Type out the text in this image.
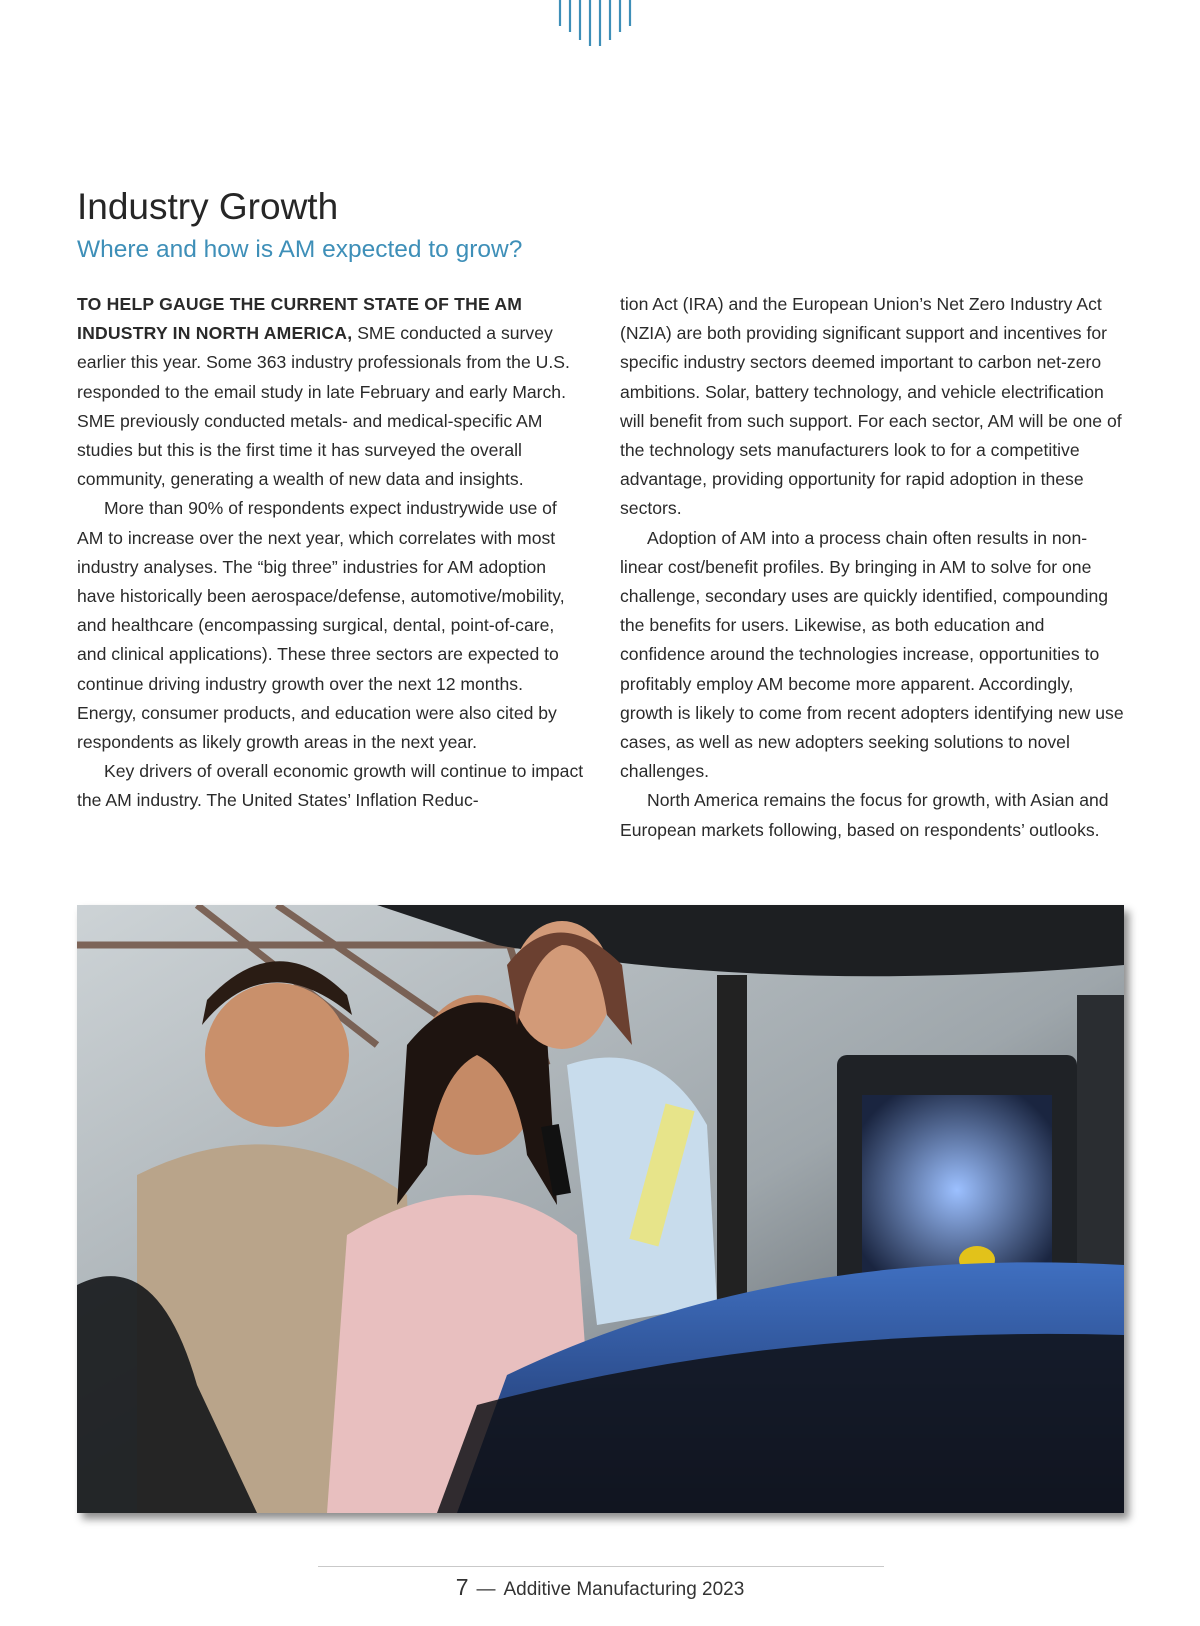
Industry Growth
Where and how is AM expected to grow?

TO HELP GAUGE THE CURRENT STATE OF THE AM INDUSTRY IN NORTH AMERICA, SME conducted a survey earlier this year. Some 363 industry professionals from the U.S. responded to the email study in late February and early March. SME previously conducted metals- and medical-specific AM studies but this is the first time it has surveyed the overall community, generating a wealth of new data and insights.

More than 90% of respondents expect industrywide use of AM to increase over the next year, which correlates with most industry analyses. The “big three” industries for AM adoption have historically been aerospace/defense, automotive/mobility, and healthcare (encompassing surgical, dental, point-of-care, and clinical applications). These three sectors are expected to continue driving industry growth over the next 12 months. Energy, consumer products, and education were also cited by respondents as likely growth areas in the next year.

Key drivers of overall economic growth will continue to impact the AM industry. The United States’ Inflation Reduc-

tion Act (IRA) and the European Union’s Net Zero Industry Act (NZIA) are both providing significant support and incentives for specific industry sectors deemed important to carbon net-zero ambitions. Solar, battery technology, and vehicle electrification will benefit from such support. For each sector, AM will be one of the technology sets manufacturers look to for a competitive advantage, providing opportunity for rapid adoption in these sectors.

Adoption of AM into a process chain often results in non-linear cost/benefit profiles. By bringing in AM to solve for one challenge, secondary uses are quickly identified, compounding the benefits for users. Likewise, as both education and confidence around the technologies increase, opportunities to profitably employ AM become more apparent. Accordingly, growth is likely to come from recent adopters identifying new use cases, as well as new adopters seeking solutions to novel challenges.

North America remains the focus for growth, with Asian and European markets following, based on respondents’ outlooks.

7 — Additive Manufacturing 2023
